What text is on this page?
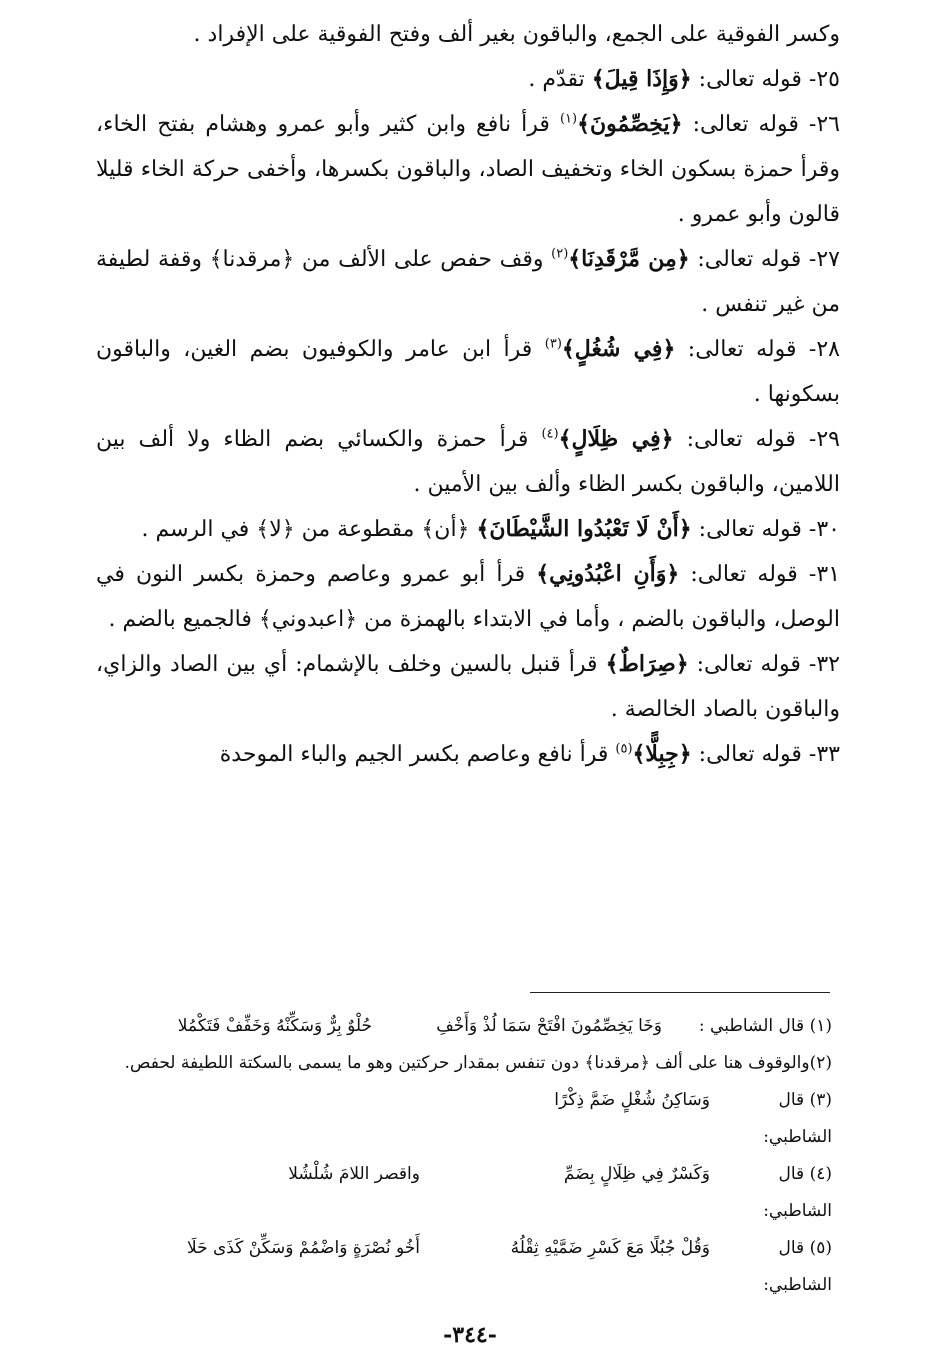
وكسر الفوقية على الجمع، والباقون بغير ألف وفتح الفوقية على الإفراد .

٢٥- قوله تعالى: ﴿وَإِذَا قِيلَ﴾ تقدّم .

٢٦- قوله تعالى: ﴿يَخِصِّمُونَ﴾$^{(١)}$ قرأ نافع وابن كثير وأبو عمرو وهشام بفتح الخاء، وقرأ حمزة بسكون الخاء وتخفيف الصاد، والباقون بكسرها، وأخفى حركة الخاء قليلا قالون وأبو عمرو .

٢٧- قوله تعالى: ﴿مِن مَّرْقَدِنَا﴾$^{(٢)}$ وقف حفص على الألف من ﴿مرقدنا﴾ وقفة لطيفة من غير تنفس .

٢٨- قوله تعالى: ﴿فِي شُغُلٍ﴾$^{(٣)}$ قرأ ابن عامر والكوفيون بضم الغين، والباقون بسكونها .

٢٩- قوله تعالى: ﴿فِي ظِلَالٍ﴾$^{(٤)}$ قرأ حمزة والكسائي بضم الظاء ولا ألف بين اللامين، والباقون بكسر الظاء وألف بين الأمين .

٣٠- قوله تعالى: ﴿أَنْ لَا تَعْبُدُوا الشَّيْطَانَ﴾ ﴿أن﴾ مقطوعة من ﴿لا﴾ في الرسم .

٣١- قوله تعالى: ﴿وَأَنِ اعْبُدُونِي﴾ قرأ أبو عمرو وعاصم وحمزة بكسر النون في الوصل، والباقون بالضم ، وأما في الابتداء بالهمزة من ﴿اعبدوني﴾ فالجميع بالضم .

٣٢- قوله تعالى: ﴿صِرَاطٌ﴾ قرأ قنبل بالسين وخلف بالإشمام: أي بين الصاد والزاي، والباقون بالصاد الخالصة .

٣٣- قوله تعالى: ﴿جِبِلًّا﴾$^{(٥)}$ قرأ نافع وعاصم بكسر الجيم والباء الموحدة

(١) قال الشاطبي :
وَخَا يَخِصِّمُونَ افْتَحْ سَمَا لُذْ وَأَخْفِ
حُلْوٌ بِرٌّ وَسَكِّنْهُ وَخَفِّفْ فَتَكْمُلا

(٢)والوقوف هنا على ألف ﴿مرقدنا﴾ دون تنفس بمقدار حركتين وهو ما يسمى بالسكتة اللطيفة لحفص.

(٣) قال الشاطبي:
وَسَاكِنُ شُغْلٍ ضَمَّ ذِكْرًا
(٤) قال الشاطبي:
وَكَسْرٌ فِي ظِلَالٍ بِضَمِّ
واقصر اللامَ شُلْشُلا
(٥) قال الشاطبي:
وَقُلْ جُبُلًا مَعَ كَسْرِ ضَمَّيْهِ ثِقْلُهُ
أَخُو نُصْرَةٍ وَاضْمُمْ وَسَكِّنْ كَذَى حَلَا
-٣٤٤-
